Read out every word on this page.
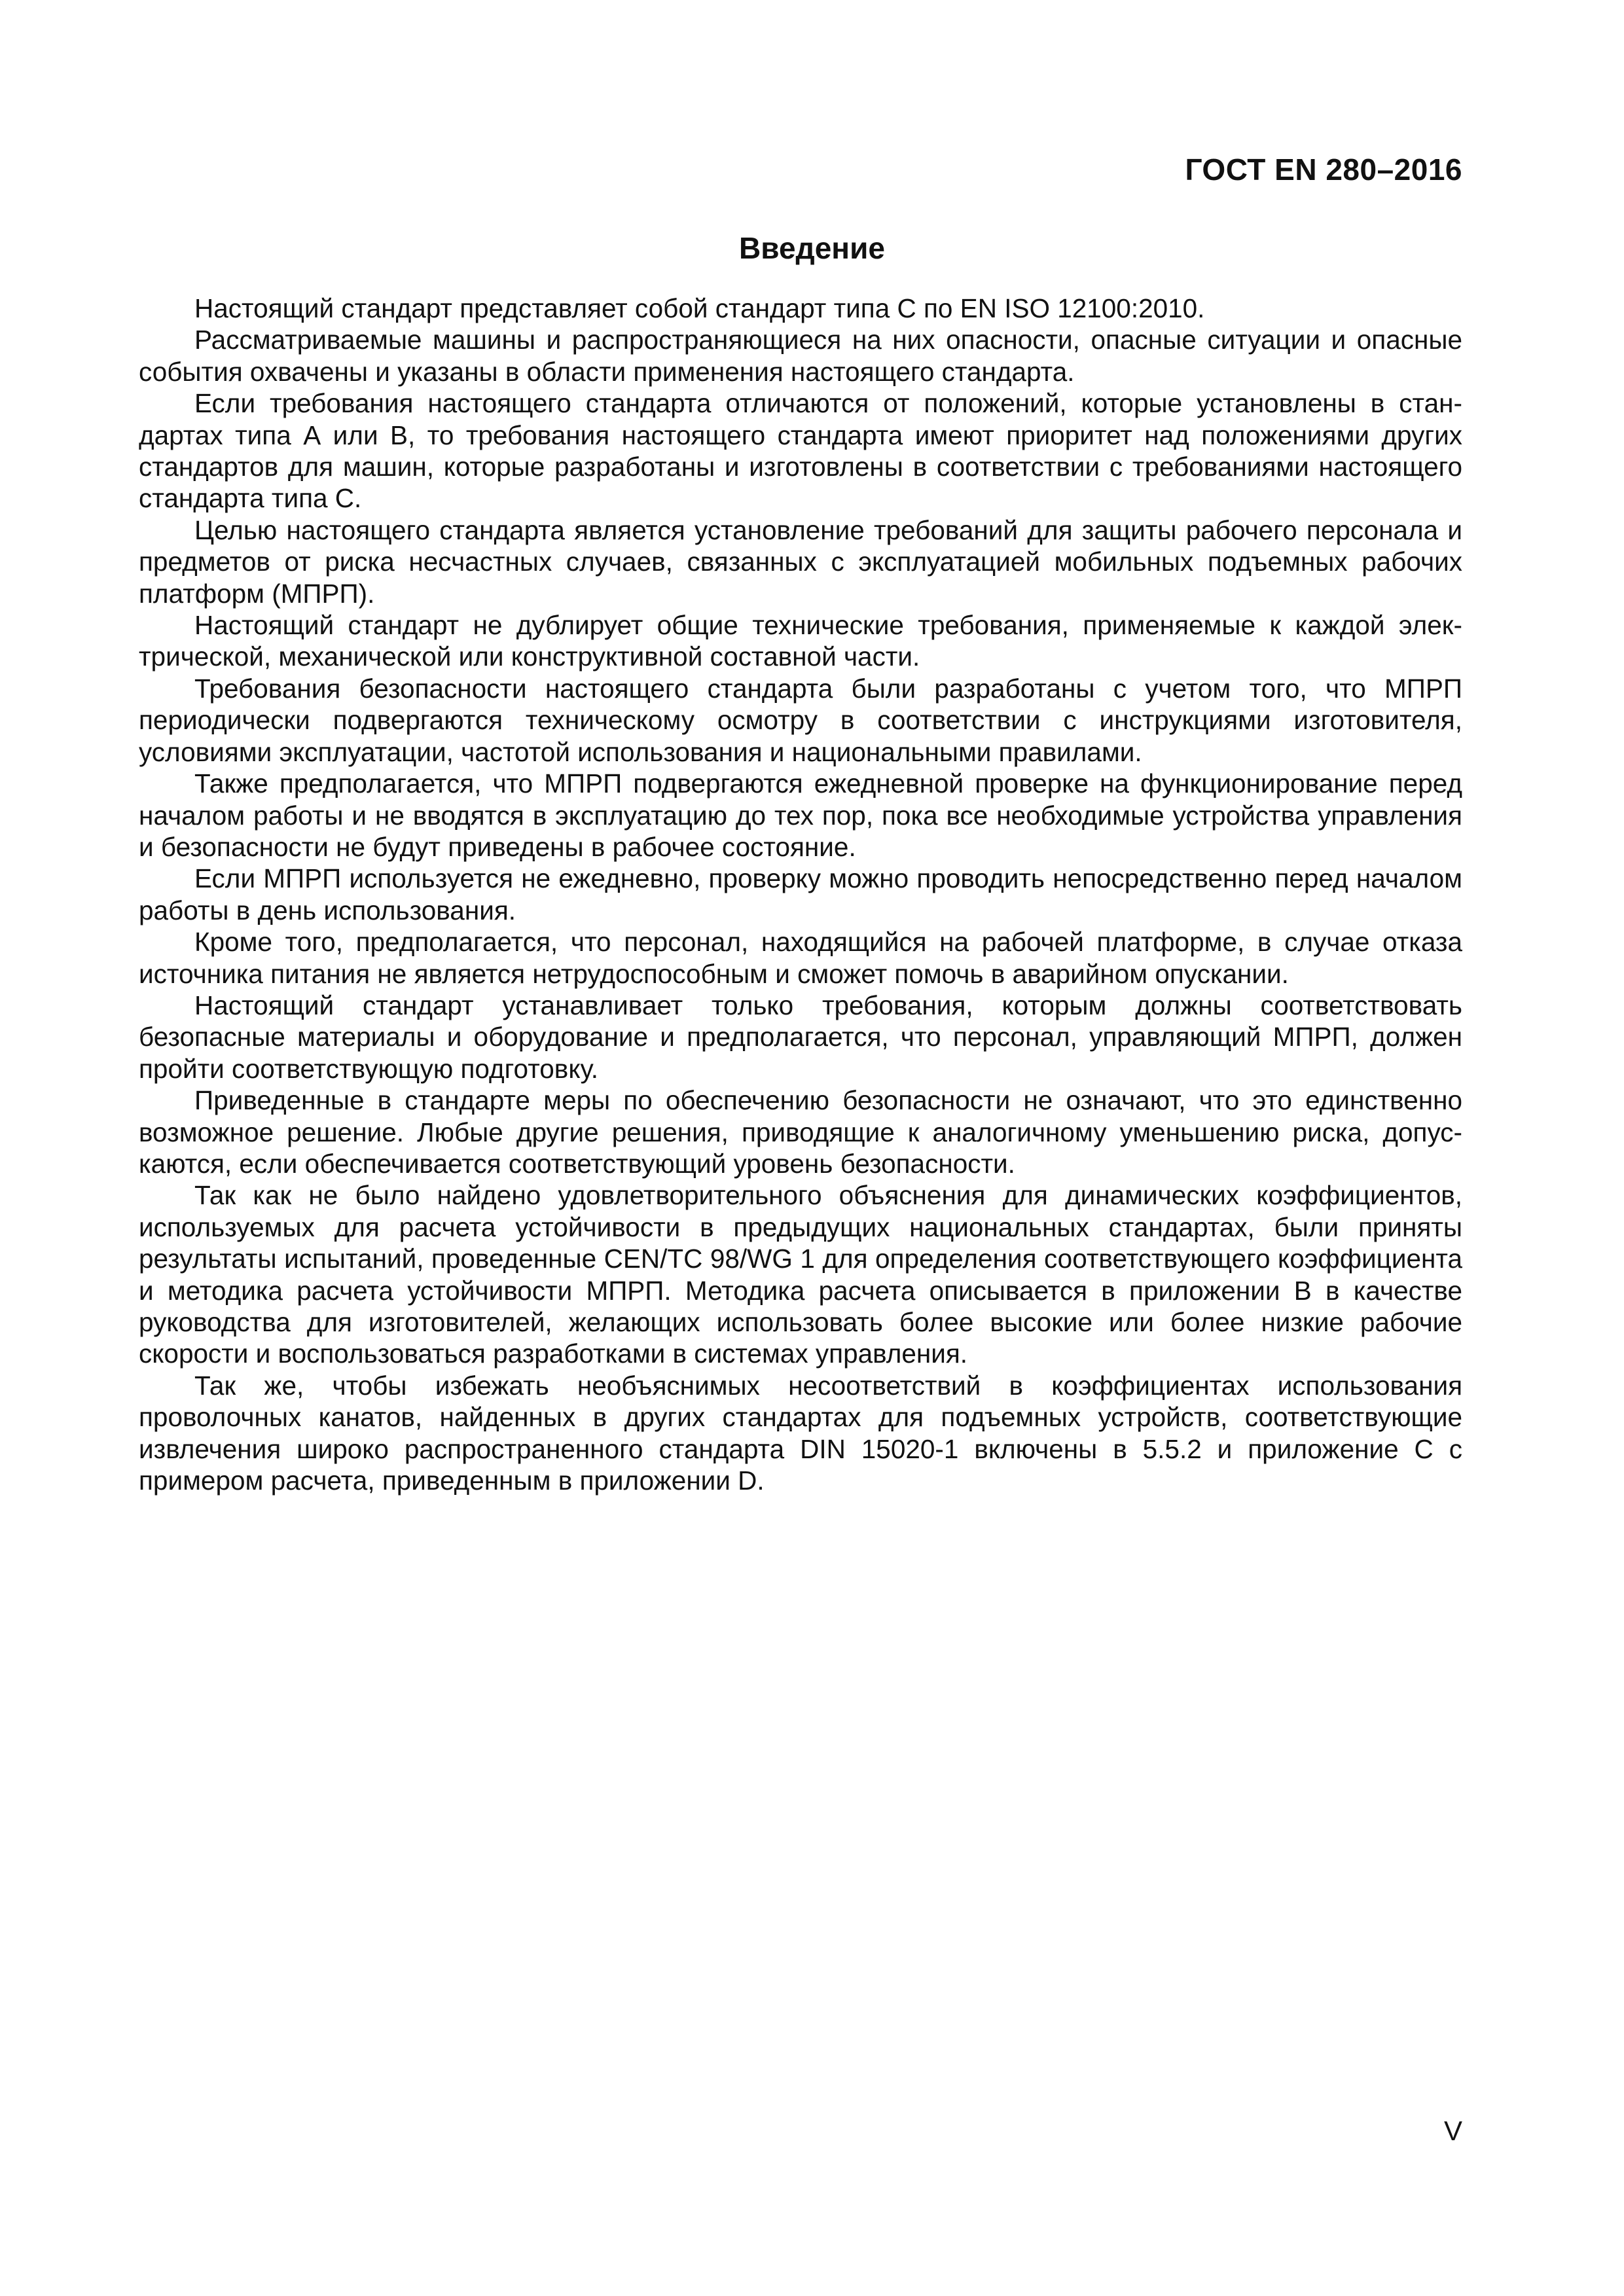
ГОСТ EN 280–2016
Введение

Настоящий стандарт представляет собой стандарт типа С по EN ISO 12100:2010.

Рассматриваемые машины и распространяющиеся на них опасности, опасные ситуации и опасные события охвачены и указаны в области применения настоящего стандарта.

Если требования настоящего стандарта отличаются от положений, которые установлены в стандартах типа А или В, то требования настоящего стандарта имеют приоритет над положениями других стандартов для машин, которые разработаны и изготовлены в соответствии с требованиями настоящего стандарта типа С.

Целью настоящего стандарта является установление требований для защиты рабочего персонала и предметов от риска несчастных случаев, связанных с эксплуатацией мобильных подъемных рабочих платформ (МПРП).

Настоящий стандарт не дублирует общие технические требования, применяемые к каждой электрической, механической или конструктивной составной части.

Требования безопасности настоящего стандарта были разработаны с учетом того, что МПРП периодически подвергаются техническому осмотру в соответствии с инструкциями изготовителя, условиями эксплуатации, частотой использования и национальными правилами.

Также предполагается, что МПРП подвергаются ежедневной проверке на функционирование перед началом работы и не вводятся в эксплуатацию до тех пор, пока все необходимые устройства управления и безопасности не будут приведены в рабочее состояние.

Если МПРП используется не ежедневно, проверку можно проводить непосредственно перед началом работы в день использования.

Кроме того, предполагается, что персонал, находящийся на рабочей платформе, в случае отказа источника питания не является нетрудоспособным и сможет помочь в аварийном опускании.

Настоящий стандарт устанавливает только требования, которым должны соответствовать безопасные материалы и оборудование и предполагается, что персонал, управляющий МПРП, должен пройти соответствующую подготовку.

Приведенные в стандарте меры по обеспечению безопасности не означают, что это единственно возможное решение. Любые другие решения, приводящие к аналогичному уменьшению риска, допускаются, если обеспечивается соответствующий уровень безопасности.

Так как не было найдено удовлетворительного объяснения для динамических коэффициентов, используемых для расчета устойчивости в предыдущих национальных стандартах, были приняты результаты испытаний, проведенные CEN/TC 98/WG 1 для определения соответствующего коэффициента и методика расчета устойчивости МПРП. Методика расчета описывается в приложении В в качестве руководства для изготовителей, желающих использовать более высокие или более низкие рабочие скорости и воспользоваться разработками в системах управления.

Так же, чтобы избежать необъяснимых несоответствий в коэффициентах использования проволочных канатов, найденных в других стандартах для подъемных устройств, соответствующие извлечения широко распространенного стандарта DIN 15020-1 включены в 5.5.2 и приложение С с примером расчета, приведенным в приложении D.

V
